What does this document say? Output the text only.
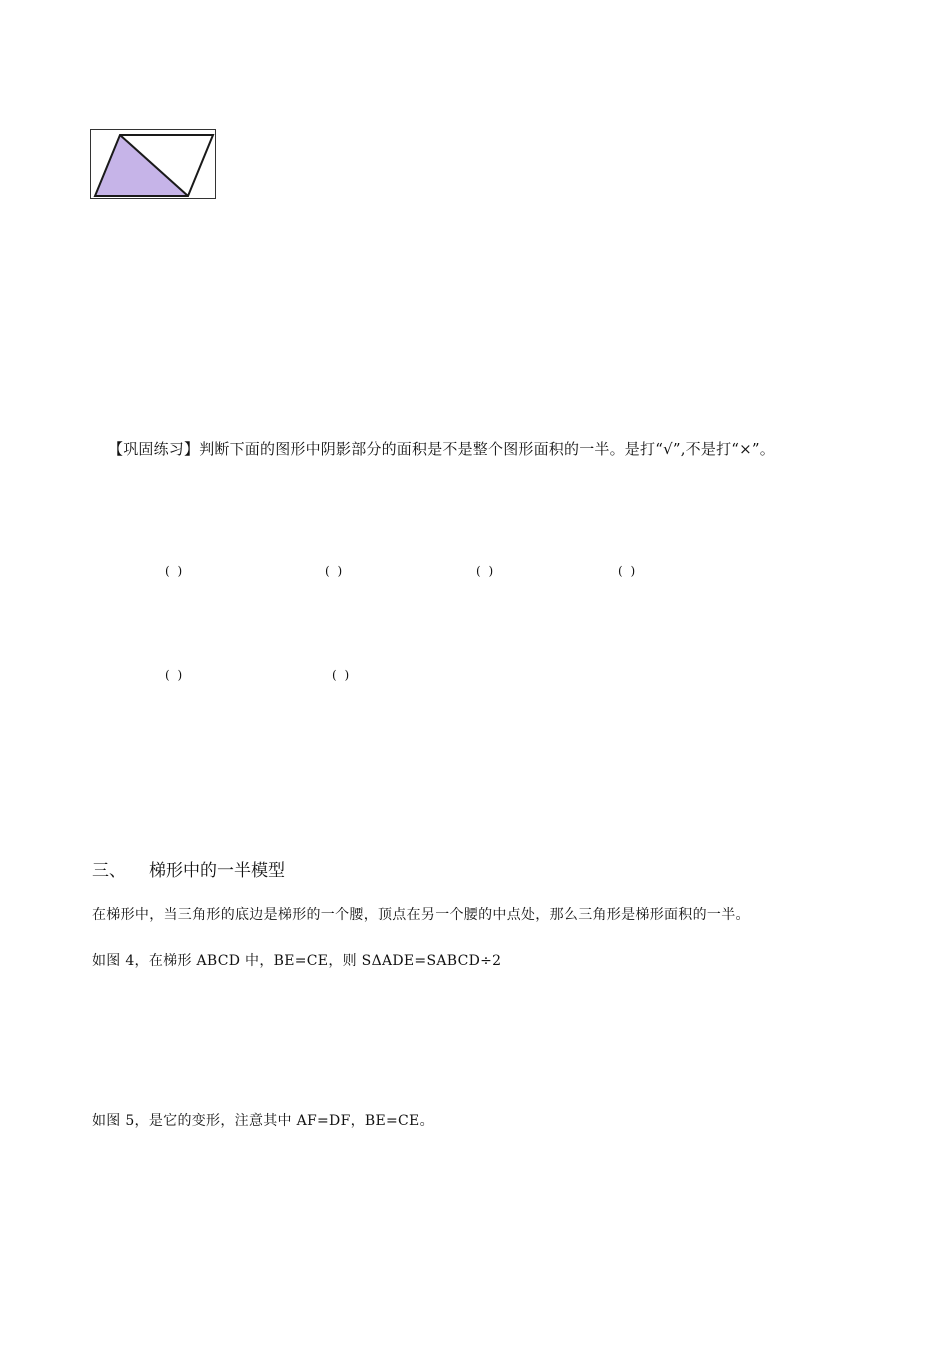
【巩固练习】判断下面的图形中阴影部分的面积是不是整个图形面积的一半。是打“√”,不是打“×”。
( )	( )	( )	( )
( )	( )
三、 梯形中的一半模型
在梯形中，当三角形的底边是梯形的一个腰，顶点在另一个腰的中点处，那么三角形是梯形面积的一半。
如图 4，在梯形 ABCD 中，BE=CE，则 SΔADE=SABCD÷2
如图 5，是它的变形，注意其中 AF=DF，BE=CE。
